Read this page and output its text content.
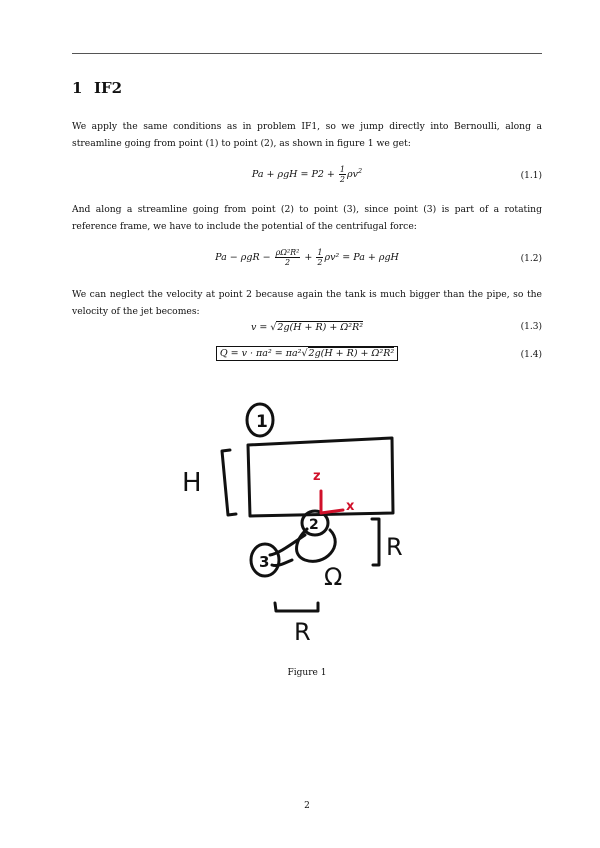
1 IF2
We apply the same conditions as in problem IF1, so we jump directly into Bernoulli, along a streamline going from point (1) to point (2), as shown in figure 1 we get:
$Pa + \rho gH = P2 + \frac{1}{2} \rho v^2$
(1.1)
And along a streamline going from point (2) to point (3), since point (3) is part of a rotating reference frame, we have to include the potential of the centrifugal force:
$Pa - \rho gR - \frac{\text{ρΩ²R²}}{2} + \frac{1}{2} \rho v^2 = Pa + \rho gH$	(1.2)
We can neglect the velocity at point 2 because again the tank is much bigger than the pipe, so the velocity of the jet becomes:
v = √2g(H + R) + Ω²R²	(1.3)
Q = v · πa² = πa²√2g(H + R) + Ω²R²	(1.4)
1
2
3
H
R
R
Ω
z
x
Figure 1
2
